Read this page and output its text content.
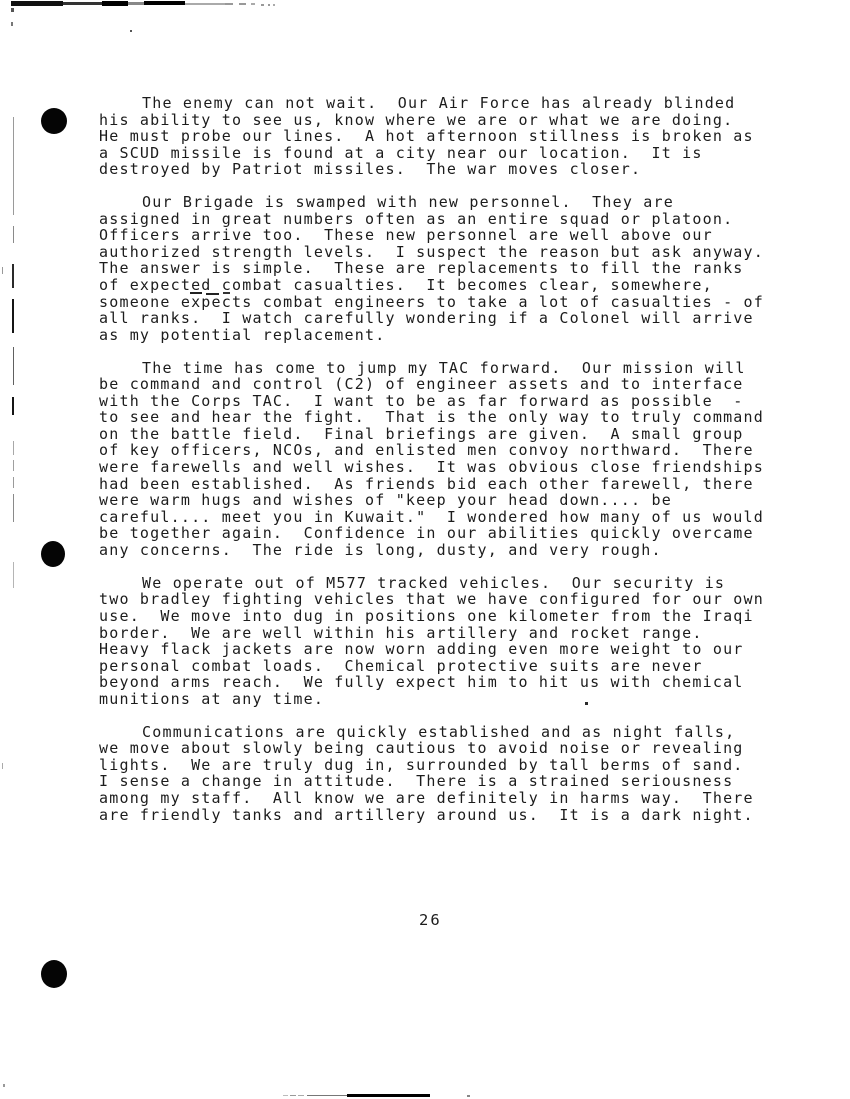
The enemy can not wait.  Our Air Force has already blinded
his ability to see us, know where we are or what we are doing.
He must probe our lines.  A hot afternoon stillness is broken as
a SCUD missile is found at a city near our location.  It is
destroyed by Patriot missiles.  The war moves closer.
Our Brigade is swamped with new personnel.  They are
assigned in great numbers often as an entire squad or platoon.
Officers arrive too.  These new personnel are well above our
authorized strength levels.  I suspect the reason but ask anyway.
The answer is simple.  These are replacements to fill the ranks
of expected combat casualties.  It becomes clear, somewhere,
someone expects combat engineers to take a lot of casualties - of
all ranks.  I watch carefully wondering if a Colonel will arrive
as my potential replacement.
The time has come to jump my TAC forward.  Our mission will
be command and control (C2) of engineer assets and to interface
with the Corps TAC.  I want to be as far forward as possible  -
to see and hear the fight.  That is the only way to truly command
on the battle field.  Final briefings are given.  A small group
of key officers, NCOs, and enlisted men convoy northward.  There
were farewells and well wishes.  It was obvious close friendships
had been established.  As friends bid each other farewell, there
were warm hugs and wishes of "keep your head down.... be
careful.... meet you in Kuwait."  I wondered how many of us would
be together again.  Confidence in our abilities quickly overcame
any concerns.  The ride is long, dusty, and very rough.
We operate out of M577 tracked vehicles.  Our security is
two bradley fighting vehicles that we have configured for our own
use.  We move into dug in positions one kilometer from the Iraqi
border.  We are well within his artillery and rocket range.
Heavy flack jackets are now worn adding even more weight to our
personal combat loads.  Chemical protective suits are never
beyond arms reach.  We fully expect him to hit us with chemical
munitions at any time.
Communications are quickly established and as night falls,
we move about slowly being cautious to avoid noise or revealing
lights.  We are truly dug in, surrounded by tall berms of sand.
I sense a change in attitude.  There is a strained seriousness
among my staff.  All know we are definitely in harms way.  There
are friendly tanks and artillery around us.  It is a dark night.
26
